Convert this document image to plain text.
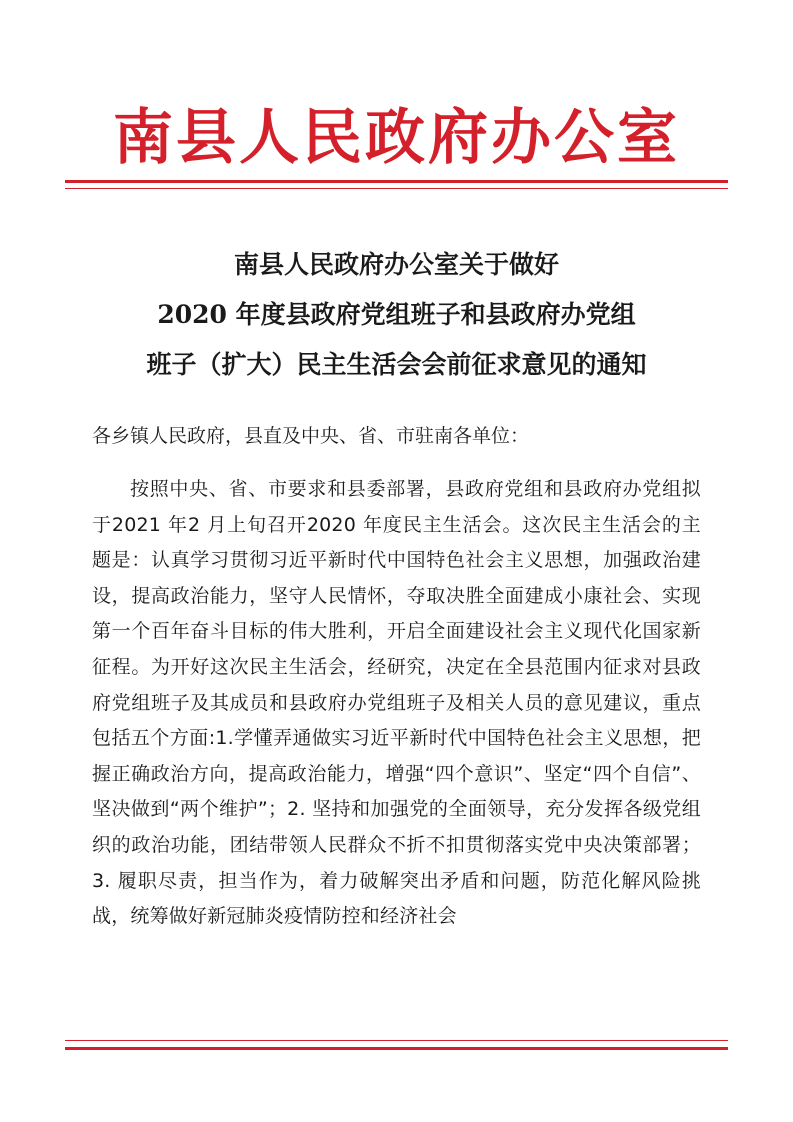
南县人民政府办公室
南县人民政府办公室关于做好
2020 年度县政府党组班子和县政府办党组
班子（扩大）民主生活会会前征求意见的通知
各乡镇人民政府，县直及中央、省、市驻南各单位：
按照中央、省、市要求和县委部署，县政府党组和县政府办党组拟于2021 年2 月上旬召开2020 年度民主生活会。这次民主生活会的主题是：认真学习贯彻习近平新时代中国特色社会主义思想，加强政治建设，提高政治能力，坚守人民情怀，夺取决胜全面建成小康社会、实现第一个百年奋斗目标的伟大胜利，开启全面建设社会主义现代化国家新征程。为开好这次民主生活会，经研究，决定在全县范围内征求对县政府党组班子及其成员和县政府办党组班子及相关人员的意见建议，重点包括五个方面:1.学懂弄通做实习近平新时代中国特色社会主义思想，把握正确政治方向，提高政治能力，增强“四个意识”、坚定“四个自信”、坚决做到“两个维护”；2. 坚持和加强党的全面领导，充分发挥各级党组织的政治功能，团结带领人民群众不折不扣贯彻落实党中央决策部署；3. 履职尽责，担当作为，着力破解突出矛盾和问题，防范化解风险挑战，统筹做好新冠肺炎疫情防控和经济社会
